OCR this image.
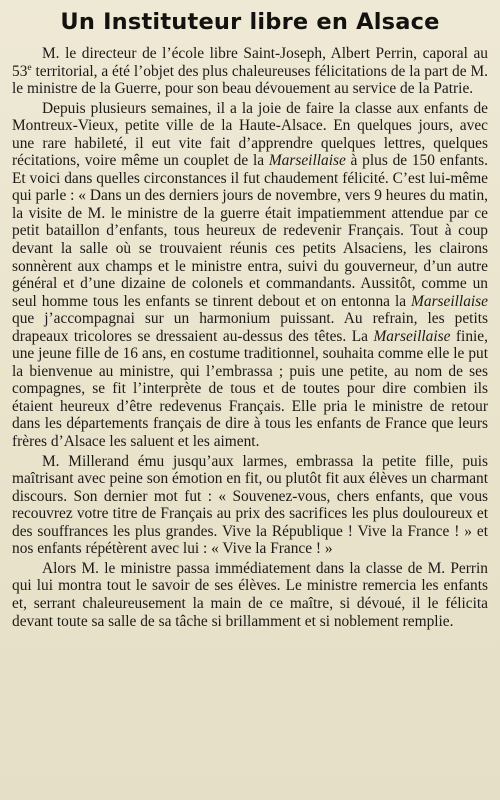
Un Instituteur libre en Alsace

M. le directeur de l’école libre Saint-Joseph, Albert Perrin, caporal au 53e territorial, a été l’objet des plus chaleureuses félicitations de la part de M. le ministre de la Guerre, pour son beau dévouement au service de la Patrie.

Depuis plusieurs semaines, il a la joie de faire la classe aux enfants de Montreux-Vieux, petite ville de la Haute-Alsace. En quelques jours, avec une rare habileté, il eut vite fait d’apprendre quelques lettres, quelques récitations, voire même un couplet de la Marseillaise à plus de 150 enfants. Et voici dans quelles circonstances il fut chaudement félicité. C’est lui-même qui parle : « Dans un des derniers jours de novembre, vers 9 heures du matin, la visite de M. le ministre de la guerre était impatiemment attendue par ce petit bataillon d’enfants, tous heureux de redevenir Français. Tout à coup devant la salle où se trouvaient réunis ces petits Alsaciens, les clairons sonnèrent aux champs et le ministre entra, suivi du gouverneur, d’un autre général et d’une dizaine de colonels et commandants. Aussitôt, comme un seul homme tous les enfants se tinrent debout et on entonna la Marseillaise que j’accompagnai sur un harmonium puissant. Au refrain, les petits drapeaux tricolores se dressaient au-dessus des têtes. La Marseillaise finie, une jeune fille de 16 ans, en costume traditionnel, souhaita comme elle le put la bienvenue au ministre, qui l’embrassa ; puis une petite, au nom de ses compagnes, se fit l’interprète de tous et de toutes pour dire combien ils étaient heureux d’être redevenus Français. Elle pria le ministre de retour dans les départements français de dire à tous les enfants de France que leurs frères d’Alsace les saluent et les aiment.

M. Millerand ému jusqu’aux larmes, embrassa la petite fille, puis maîtrisant avec peine son émotion en fit, ou plutôt fit aux élèves un charmant discours. Son dernier mot fut : « Souvenez-vous, chers enfants, que vous recouvrez votre titre de Français au prix des sacrifices les plus douloureux et des souffrances les plus grandes. Vive la République ! Vive la France ! » et nos enfants répétèrent avec lui : « Vive la France ! »

Alors M. le ministre passa immédiatement dans la classe de M. Perrin qui lui montra tout le savoir de ses élèves. Le ministre remercia les enfants et, serrant chaleureusement la main de ce maître, si dévoué, il le félicita devant toute sa salle de sa tâche si brillamment et si noblement remplie.
